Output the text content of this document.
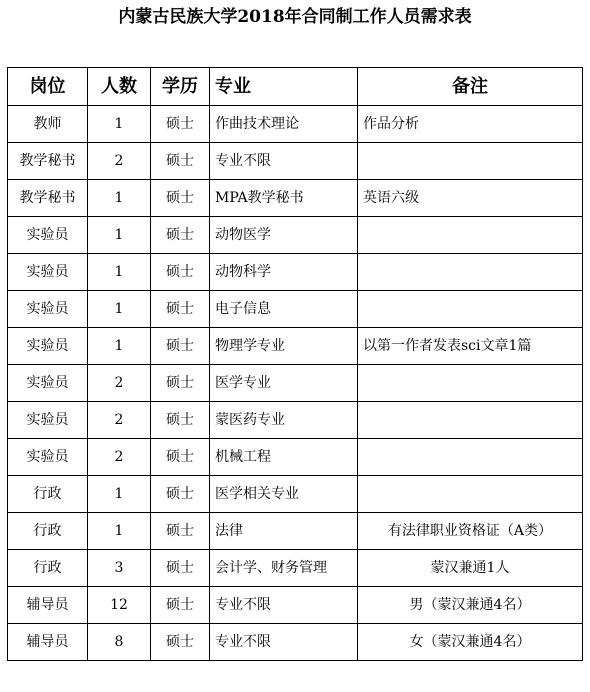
内蒙古民族大学2018年合同制工作人员需求表
岗位	人数	学历	专业	备注
教师	1	硕士	作曲技术理论	作品分析
教学秘书	2	硕士	专业不限	
教学秘书	1	硕士	MPA教学秘书	英语六级
实验员	1	硕士	动物医学	
实验员	1	硕士	动物科学	
实验员	1	硕士	电子信息	
实验员	1	硕士	物理学专业	以第一作者发表sci文章1篇
实验员	2	硕士	医学专业	
实验员	2	硕士	蒙医药专业	
实验员	2	硕士	机械工程	
行政	1	硕士	医学相关专业	
行政	1	硕士	法律	有法律职业资格证（A类）
行政	3	硕士	会计学、财务管理	蒙汉兼通1人
辅导员	12	硕士	专业不限	男（蒙汉兼通4名）
辅导员	8	硕士	专业不限	女（蒙汉兼通4名）
